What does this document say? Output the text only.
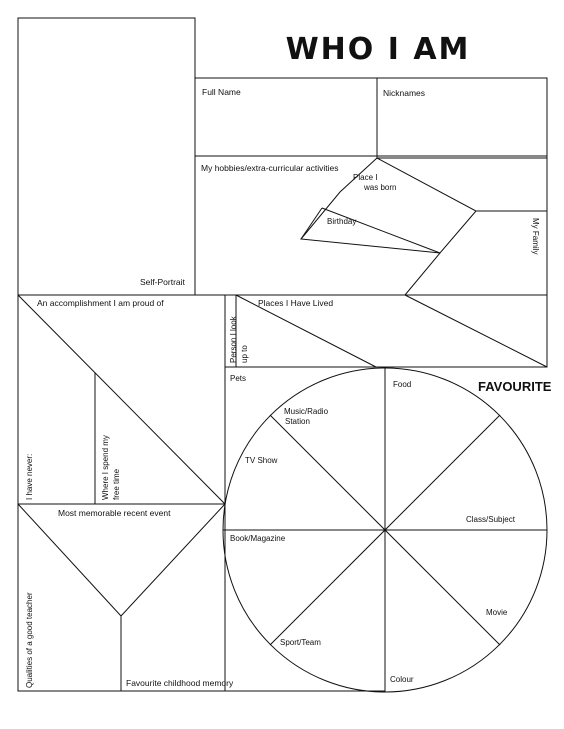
WHO I AM
Self-Portrait
Full Name	Nicknames
My hobbies/extra-curricular activities
Place I
was born
Birthday	My Family
An accomplishment I am proud of
I have never:	Where I spend my free time
Places I Have Lived
Person I look up to
Most memorable recent event
Qualities of a good teacher	Favourite childhood memory
Pets
FAVOURITE
Food
Music/Radio
Station
TV Show
Class/Subject
Book/Magazine
Movie
Sport/Team
Colour
